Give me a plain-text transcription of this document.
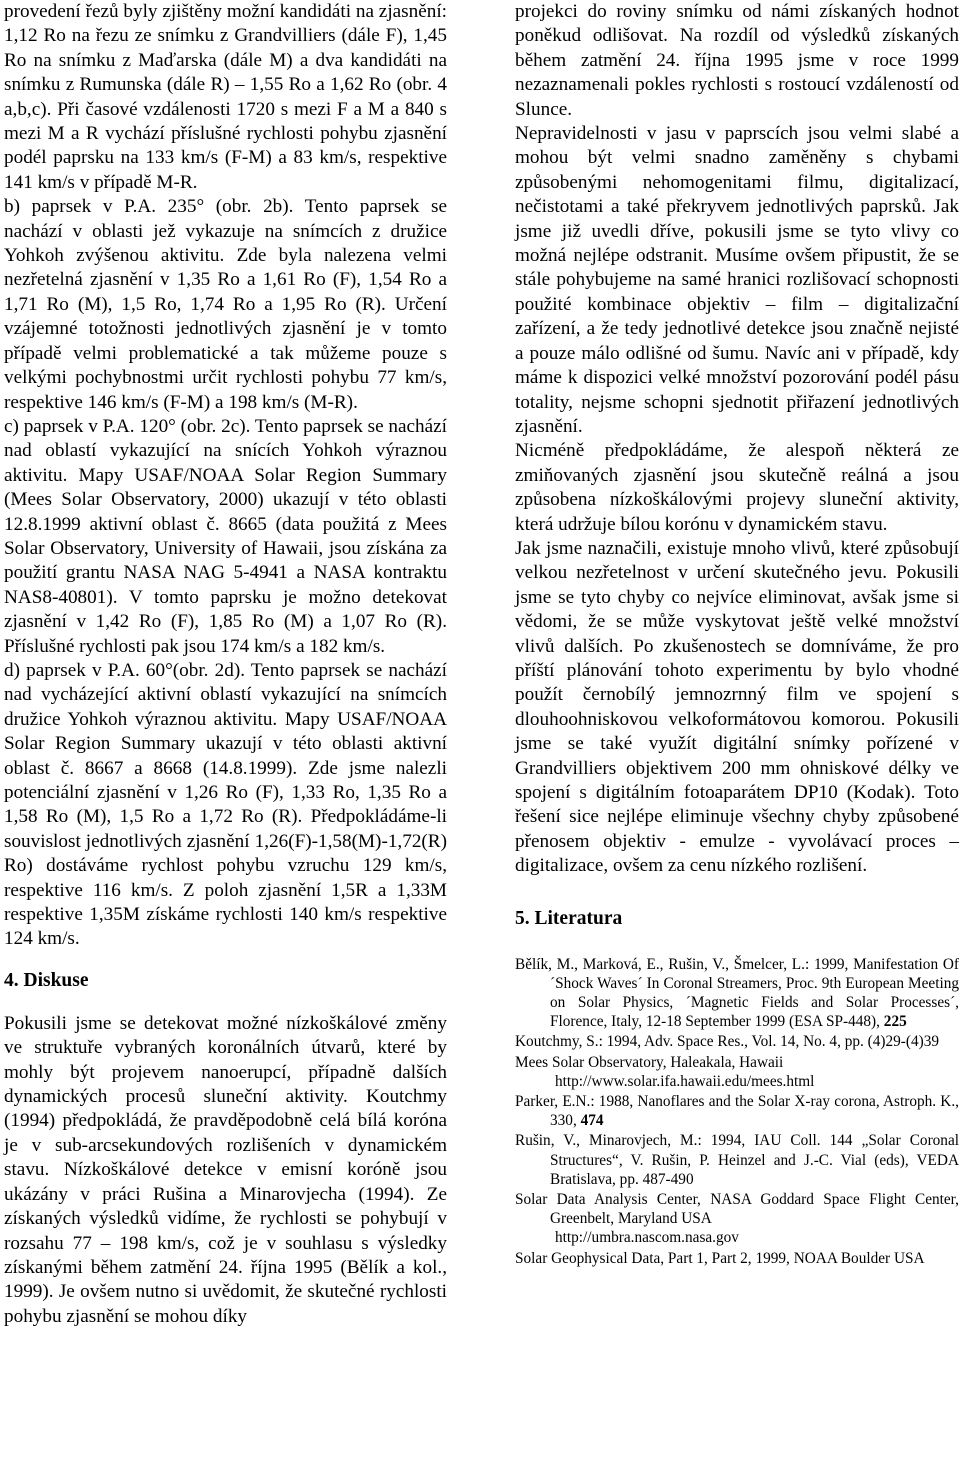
provedení řezů byly zjištěny možní kandidáti na zjasnění: 1,12 Ro na řezu ze snímku z Grandvilliers (dále F), 1,45 Ro na snímku z Maďarska (dále M) a dva kandidáti na snímku z Rumunska (dále R) – 1,55 Ro a 1,62 Ro (obr. 4 a,b,c). Při časové vzdálenosti 1720 s mezi F a M a 840 s mezi M a R vychází příslušné rychlosti pohybu zjasnění podél paprsku na 133 km/s (F-M) a 83 km/s, respektive 141 km/s v případě M-R.

b) paprsek v P.A. 235° (obr. 2b). Tento paprsek se nachází v oblasti jež vykazuje na snímcích z družice Yohkoh zvýšenou aktivitu. Zde byla nalezena velmi nezřetelná zjasnění v 1,35 Ro a 1,61 Ro (F), 1,54 Ro a 1,71 Ro (M), 1,5 Ro, 1,74 Ro a 1,95 Ro (R). Určení vzájemné totožnosti jednotlivých zjasnění je v tomto případě velmi problematické a tak můžeme pouze s velkými pochybnostmi určit rychlosti pohybu 77 km/s, respektive 146 km/s (F-M) a 198 km/s (M-R).

c) paprsek v P.A. 120° (obr. 2c). Tento paprsek se nachází nad oblastí vykazující na snících Yohkoh výraznou aktivitu. Mapy USAF/NOAA Solar Region Summary (Mees Solar Observatory, 2000) ukazují v této oblasti 12.8.1999 aktivní oblast č. 8665 (data použitá z Mees Solar Observatory, University of Hawaii, jsou získána za použití grantu NASA NAG 5-4941 a NASA kontraktu NAS8-40801). V tomto paprsku je možno detekovat zjasnění v 1,42 Ro (F), 1,85 Ro (M) a 1,07 Ro (R). Příslušné rychlosti pak jsou 174 km/s a 182 km/s.

d) paprsek v P.A. 60°(obr. 2d). Tento paprsek se nachází nad vycházející aktivní oblastí vykazující na snímcích družice Yohkoh výraznou aktivitu. Mapy USAF/NOAA Solar Region Summary ukazují v této oblasti aktivní oblast č. 8667 a 8668 (14.8.1999). Zde jsme nalezli potenciální zjasnění v 1,26 Ro (F), 1,33 Ro, 1,35 Ro a 1,58 Ro (M), 1,5 Ro a 1,72 Ro (R). Předpokládáme-li souvislost jednotlivých zjasnění 1,26(F)-1,58(M)-1,72(R) Ro) dostáváme rychlost pohybu vzruchu 129 km/s, respektive 116 km/s. Z poloh zjasnění 1,5R a 1,33M respektive 1,35M získáme rychlosti 140 km/s respektive 124 km/s.

4. Diskuse

Pokusili jsme se detekovat možné nízkoškálové změny ve struktuře vybraných koronálních útvarů, které by mohly být projevem nanoerupcí, případně dalších dynamických procesů sluneční aktivity. Koutchmy (1994) předpokládá, že pravděpodobně celá bílá koróna je v sub-arcsekundových rozlišeních v dynamickém stavu. Nízkoškálové detekce v emisní koróně jsou ukázány v práci Rušina a Minarovjecha (1994). Ze získaných výsledků vidíme, že rychlosti se pohybují v rozsahu 77 – 198 km/s, což je v souhlasu s výsledky získanými během zatmění 24. října 1995 (Bělík a kol., 1999). Je ovšem nutno si uvědomit, že skutečné rychlosti pohybu zjasnění se mohou díky

projekci do roviny snímku od námi získaných hodnot poněkud odlišovat. Na rozdíl od výsledků získaných během zatmění 24. října 1995 jsme v roce 1999 nezaznamenali pokles rychlosti s rostoucí vzdáleností od Slunce.

Nepravidelnosti v jasu v paprscích jsou velmi slabé a mohou být velmi snadno zaměněny s chybami způsobenými nehomogenitami filmu, digitalizací, nečistotami a také překryvem jednotlivých paprsků. Jak jsme již uvedli dříve, pokusili jsme se tyto vlivy co možná nejlépe odstranit. Musíme ovšem připustit, že se stále pohybujeme na samé hranici rozlišovací schopnosti použité kombinace objektiv – film – digitalizační zařízení, a že tedy jednotlivé detekce jsou značně nejisté a pouze málo odlišné od šumu. Navíc ani v případě, kdy máme k dispozici velké množství pozorování podél pásu totality, nejsme schopni sjednotit přiřazení jednotlivých zjasnění.

Nicméně předpokládáme, že alespoň některá ze zmiňovaných zjasnění jsou skutečně reálná a jsou způsobena nízkoškálovými projevy sluneční aktivity, která udržuje bílou korónu v dynamickém stavu.

Jak jsme naznačili, existuje mnoho vlivů, které způsobují velkou nezřetelnost v určení skutečného jevu. Pokusili jsme se tyto chyby co nejvíce eliminovat, avšak jsme si vědomi, že se může vyskytovat ještě velké množství vlivů dalších. Po zkušenostech se domníváme, že pro příští plánování tohoto experimentu by bylo vhodné použít černobílý jemnozrnný film ve spojení s dlouhoohniskovou velkoformátovou komorou. Pokusili jsme se také využít digitální snímky pořízené v Grandvilliers objektivem 200 mm ohniskové délky ve spojení s digitálním fotoaparátem DP10 (Kodak). Toto řešení sice nejlépe eliminuje všechny chyby způsobené přenosem objektiv - emulze - vyvolávací proces – digitalizace, ovšem za cenu nízkého rozlišení.

5. Literatura
Bělík, M., Marková, E., Rušin, V., Šmelcer, L.: 1999, Manifestation Of ´Shock Waves´ In Coronal Streamers, Proc. 9th European Meeting on Solar Physics, ´Magnetic Fields and Solar Processes´, Florence, Italy, 12-18 September 1999 (ESA SP-448), 225
Koutchmy, S.: 1994, Adv. Space Res., Vol. 14, No. 4, pp. (4)29-(4)39
Mees Solar Observatory, Haleakala, Hawaii
http://www.solar.ifa.hawaii.edu/mees.html
Parker, E.N.: 1988, Nanoflares and the Solar X-ray corona, Astroph. K., 330, 474
Rušin, V., Minarovjech, M.: 1994, IAU Coll. 144 „Solar Coronal Structures“, V. Rušin, P. Heinzel and J.-C. Vial (eds), VEDA Bratislava, pp. 487-490
Solar Data Analysis Center, NASA Goddard Space Flight Center, Greenbelt, Maryland USA
http://umbra.nascom.nasa.gov
Solar Geophysical Data, Part 1, Part 2, 1999, NOAA Boulder USA
